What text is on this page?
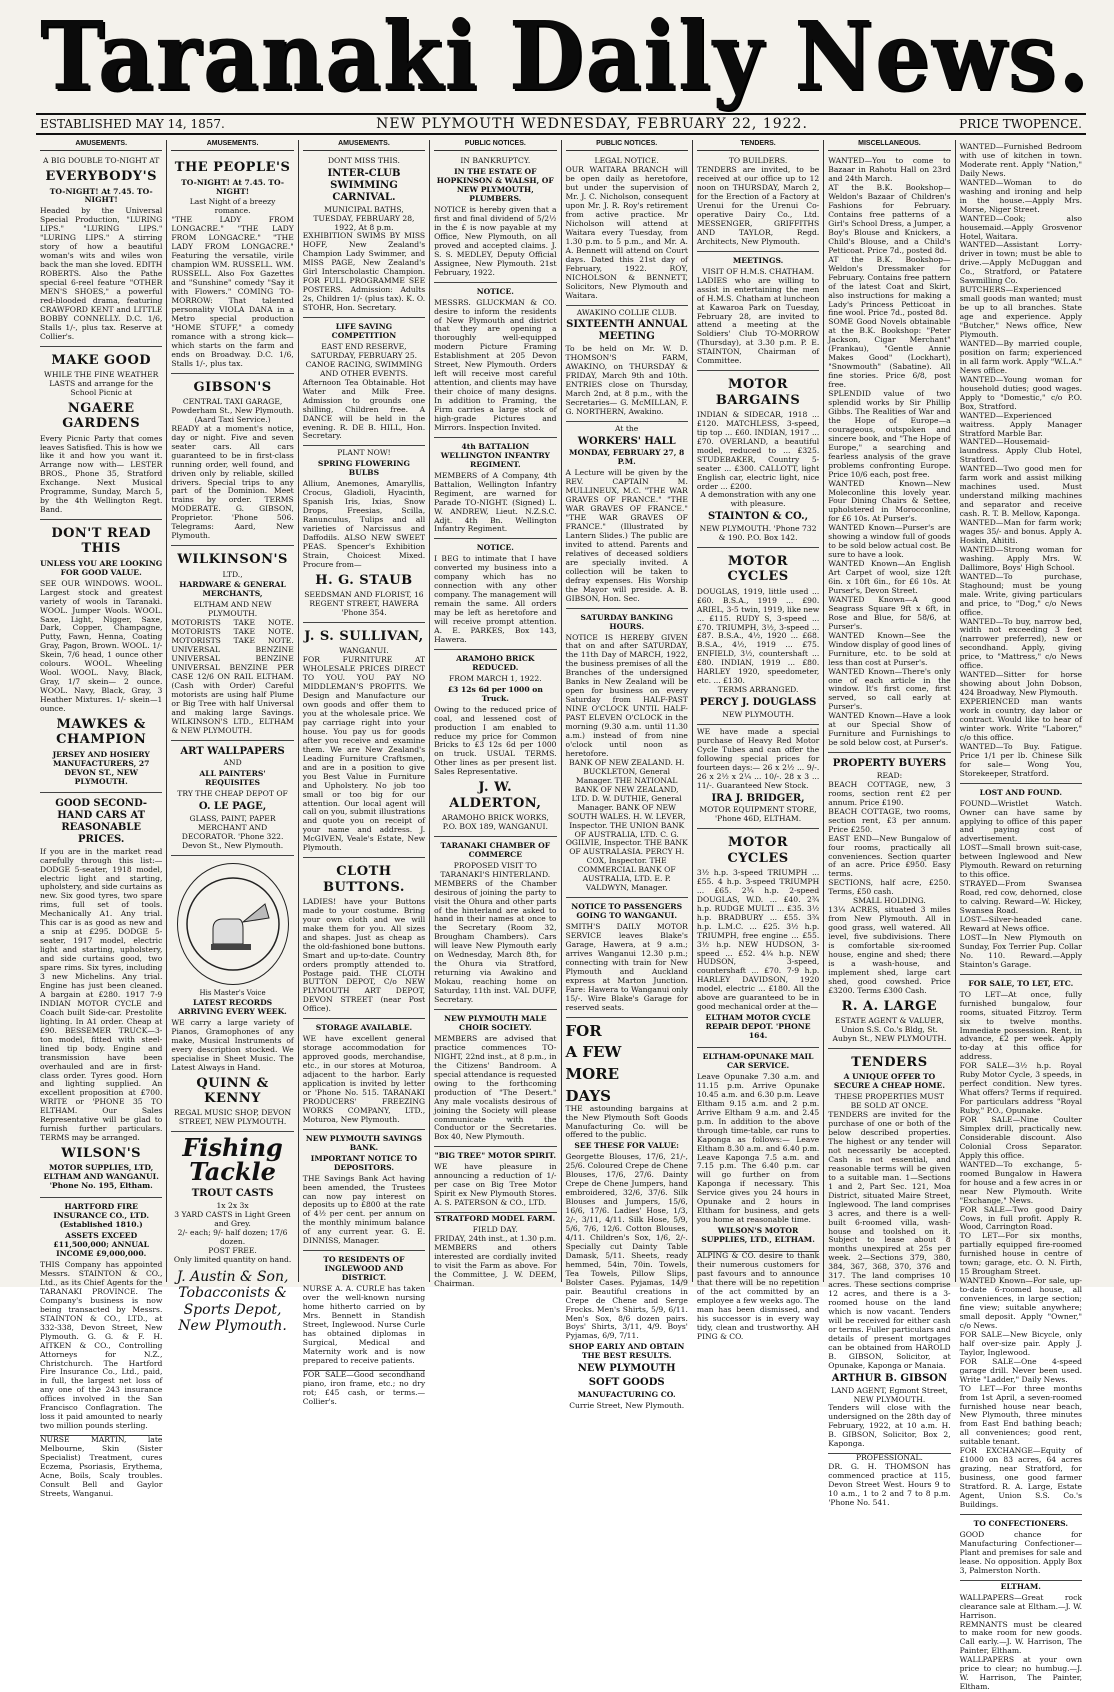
Taranaki Daily News.
ESTABLISHED MAY 14, 1857.	NEW PLYMOUTH WEDNESDAY, FEBRUARY 22, 1922.	PRICE TWOPENCE.
AMUSEMENTS.
A BIG DOUBLE TO-NIGHT AT
EVERYBODY'S
TO-NIGHT! At 7.45. TO-NIGHT!
Headed by the Universal Special Production, "LURING LIPS." "LURING LIPS." "LURING LIPS." A stirring story of how a beautiful woman's wits and wiles won back the man she loved. EDITH ROBERTS. Also the Pathe special 6-reel feature "OTHER MEN'S SHOES," a powerful red-blooded drama, featuring CRAWFORD KENT and LITTLE BOBBY CONNELLY. D.C. 1/6, Stalls 1/-, plus tax. Reserve at Collier's.
MAKE GOOD
WHILE THE FINE WEATHER LASTS and arrange for the School Picnic at
NGAERE GARDENS
Every Picnic Party that comes leaves Satisfied. This is how we like it and how you want it. Arrange now with— LESTER BROS., Phone 35, Stratford Exchange. Next Musical Programme, Sunday, March 5, by the 4th Wellington Regt. Band.
DON'T READ THIS
UNLESS YOU ARE LOOKING FOR GOOD VALUE.
SEE OUR WINDOWS. WOOL. Largest stock and greatest variety of wools in Taranaki. WOOL. Jumper Wools. WOOL. Saxe, Light, Nigger, Saxe, Dark, Copper, Champagne, Putty, Fawn, Henna, Coating Gray, Pagon, Brown. WOOL. 1/- Skein, 7/6 head, 1 ounce other colours. WOOL. Wheeling Wool. WOOL. Navy, Black, Gray, 1/7 skein— 2 ounce. WOOL. Navy, Black, Gray, 3 Heather Mixtures. 1/- skein—1 ounce.
MAWKES & CHAMPION
JERSEY AND HOSIERY MANUFACTURERS, 27 DEVON ST., NEW PLYMOUTH.
GOOD SECOND-HAND CARS AT REASONABLE PRICES.
If you are in the market read carefully through this list:— DODGE 5-seater, 1918 model, electric light and starting, upholstery, and side curtains as new. Six good tyres, two spare rims, full set of tools. Mechanically A1. Any trial. This car is as good as new and a snip at £295. DODGE 5-seater, 1917 model, electric light and starting, upholstery, and side curtains good, two spare rims. Six tyres, including 3 new Michelins. Any trial. Engine has just been cleaned. A bargain at £280. 1917 7-9 INDIAN MOTOR CYCLE and Coach built Side-car. Prestolite lighting. In A1 order. Cheap at £90. BESSEMER TRUCK—3-ton model, fitted with steel-lined tip body. Engine and transmission have been overhauled and are in first-class order. Tyres good. Horn and lighting supplied. An excellent proposition at £700. WRITE or 'PHONE 35 TO ELTHAM. Our Sales Representative will be glad to furnish further particulars. TERMS may be arranged.
WILSON'S
MOTOR SUPPLIES, LTD, ELTHAM AND WANGANUI. 'Phone No. 195, Eltham.
HARTFORD FIRE INSURANCE CO., LTD. (Established 1810.)
ASSETS EXCEED £11,500,000; ANNUAL INCOME £9,000,000.
THIS Company has appointed Messrs. STAINTON & CO., Ltd., as its Chief Agents for the TARANAKI PROVINCE. The Company's business is now being transacted by Messrs. STAINTON & CO., LTD., at 332-338, Devon Street, New Plymouth. G. G. & F. H. AITKEN & CO., Controlling Attorneys for N.Z., Christchurch. The Hartford Fire Insurance Co., Ltd., paid, in full, the largest net loss of any one of the 243 insurance offices involved in the San Francisco Conflagration. The loss it paid amounted to nearly two million pounds sterling.
NURSE MARTIN, late Melbourne, Skin (Sister Specialist) Treatment, cures Eczema, Psoriasis, Erythema, Acne, Boils, Scaly troubles. Consult Bell and Gaylor Streets, Wanganui.
AMUSEMENTS.
THE PEOPLE'S
TO-NIGHT! At 7.45. TO-NIGHT!
Last Night of a breezy romance.
"THE LADY FROM LONGACRE." "THE LADY FROM LONGACRE." "THE LADY FROM LONGACRE." Featuring the versatile, virile champion WM. RUSSELL. WM. RUSSELL. Also Fox Gazettes and "Sunshine" comedy "Say it with Flowers." COMING TO-MORROW: That talented personality VIOLA DANA in a Metro special production "HOME STUFF," a comedy romance with a strong kick— which starts on the farm and ends on Broadway. D.C. 1/6, Stalls 1/-, plus tax.
GIBSON'S
CENTRAL TAXI GARAGE, Powderham St., New Plymouth. (Aard Taxi Service.)
READY at a moment's notice, day or night. Five and seven seater cars. All cars guaranteed to be in first-class running order, well found, and driven only by reliable, skilled drivers. Special trips to any part of the Dominion. Meet trains by order. TERMS MODERATE. G. GIBSON, Proprietor. 'Phone 506. Telegrams: Aard, New Plymouth.
WILKINSON'S
LTD.,
HARDWARE & GENERAL MERCHANTS,
ELTHAM AND NEW PLYMOUTH.
MOTORISTS TAKE NOTE. MOTORISTS TAKE NOTE. MOTORISTS TAKE NOTE. UNIVERSAL BENZINE UNIVERSAL BENZINE UNIVERSAL BENZINE PER CASE 12/6 ON RAIL ELTHAM. (Cash with Order) Careful motorists are using half Plume or Big Tree with half Universal and making large Savings. WILKINSON'S LTD., ELTHAM & NEW PLYMOUTH.
ART WALLPAPERS
AND
ALL PAINTERS' REQUISITES
TRY THE CHEAP DEPOT OF
O. LE PAGE,
GLASS, PAINT, PAPER MERCHANT AND DECORATOR. 'Phone 322. Devon St., New Plymouth.
His Master's Voice
LATEST RECORDS ARRIVING EVERY WEEK.
WE carry a large variety of Pianos, Gramophones of any make, Musical Instruments of every description stocked. We specialise in Sheet Music. The Latest Always in Hand.
QUINN & KENNY
REGAL MUSIC SHOP, DEVON STREET, NEW PLYMOUTH.
Fishing Tackle
TROUT CASTS
1x 2x 3x
3 YARD CASTS in Light Green and Grey.
2/- each; 9/- half dozen; 17/6 dozen.
POST FREE.
Only limited quantity on hand.
J. Austin & Son, Tobacconists & Sports Depot, New Plymouth.
AMUSEMENTS.
DONT MISS THIS.
INTER-CLUB SWIMMING CARNIVAL.
MUNICIPAL BATHS,
TUESDAY, FEBRUARY 28, 1922, At 8 p.m.
EXHIBITION SWIMS BY MISS HOFF, New Zealand's Champion Lady Swimmer, and MISS PAGE, New Zealand's Girl Interscholastic Champion. FOR FULL PROGRAMME SEE POSTERS. Admission: Adults 2s, Children 1/- (plus tax). K. O. STOHR, Hon. Secretary.
LIFE SAVING COMPETITION
EAST END RESERVE,
SATURDAY, FEBRUARY 25.
CANOE RACING, SWIMMING AND OTHER EVENTS.
Afternoon Tea Obtainable. Hot Water and Milk Free. Admission to grounds one shilling, Children free. A DANCE will be held in the evening. R. DE B. HILL, Hon. Secretary.
PLANT NOW!
SPRING FLOWERING BULBS
Allium, Anemones, Amaryllis, Crocus, Gladioli, Hyacinth, Spanish Iris, Ixias, Snow Drops, Freesias, Scilla, Ranunculus, Tulips and all varieties of Narcissus and Daffodils. ALSO NEW SWEET PEAS. Spencer's Exhibition Strain, Choicest Mixed. Procure from—
H. G. STAUB
SEEDSMAN AND FLORIST, 16 REGENT STREET, HAWERA 'Phone 354.
J. S. SULLIVAN,
WANGANUI.
FOR FURNITURE AT WHOLESALE PRICES DIRECT TO YOU. YOU PAY NO MIDDLEMAN'S PROFITS. We Design and Manufacture our own goods and offer them to you at the wholesale price. We pay carriage right into your house. You pay us for goods after you receive and examine them. We are New Zealand's Leading Furniture Craftsmen, and are in a position to give you Best Value in Furniture and Upholstery. No job too small or too big for our attention. Our local agent will call on you, submit illustrations and quote you on receipt of your name and address. J. McGIVEN, Veale's Estate, New Plymouth.
CLOTH BUTTONS.
LADIES! have your Buttons made to your costume. Bring your own cloth and we will make them for you. All sizes and shapes. Just as cheap as the old-fashioned bone buttons. Smart and up-to-date. Country orders promptly attended to. Postage paid. THE CLOTH BUTTON DEPOT, C/o NEW PLYMOUTH ART DEPOT, DEVON STREET (near Post Office).
STORAGE AVAILABLE.
WE have excellent general storage accommodation for approved goods, merchandise, etc., in our stores at Moturoa, adjacent to the harbor. Early application is invited by letter or 'Phone No. 515. TARANAKI PRODUCERS' FREEZING WORKS COMPANY, LTD., Moturoa, New Plymouth.
NEW PLYMOUTH SAVINGS BANK.
IMPORTANT NOTICE TO DEPOSITORS.
THE Savings Bank Act having been amended, the Trustees can now pay interest on deposits up to £800 at the rate of 4½ per cent. per annum on the monthly minimum balance of any current year. G. E. DINNISS, Manager.
TO RESIDENTS OF INGLEWOOD AND DISTRICT.
NURSE A. A. CURLE has taken over the well-known nursing home hitherto carried on by Mrs. Bennett in Standish Street, Inglewood. Nurse Curle has obtained diplomas in Surgical, Medical and Maternity work and is now prepared to receive patients.
FOR SALE—Good secondhand piano, iron frame, etc.; no dry rot; £45 cash, or terms.—Collier's.
PUBLIC NOTICES.
IN BANKRUPTCY.
IN THE ESTATE OF HOPKINSON & WALSH, OF NEW PLYMOUTH, PLUMBERS.
NOTICE is hereby given that a first and final dividend of 5/2½ in the £ is now payable at my Office, New Plymouth, on all proved and accepted claims. J. S. S. MEDLEY, Deputy Official Assignee, New Plymouth. 21st February, 1922.
NOTICE.
MESSRS. GLUCKMAN & CO. desire to inform the residents of New Plymouth and district that they are opening a thoroughly well-equipped modern Picture Framing Establishment at 205 Devon Street, New Plymouth. Orders left will receive most careful attention, and clients may have their choice of many designs. In addition to Framing, the Firm carries a large stock of high-grade Pictures and Mirrors. Inspection Invited.
4th BATTALION WELLINGTON INFANTRY REGIMENT.
MEMBERS of A Company, 4th Battalion, Wellington Infantry Regiment, are warned for Parade TO-NIGHT. (Signed) L. W. ANDREW, Lieut. N.Z.S.C. Adjt. 4th Bn. Wellington Infantry Regiment.
NOTICE.
I BEG to intimate that I have converted my business into a company which has no connection with any other company. The management will remain the same. All orders may be left as heretofore and will receive prompt attention. A. E. PARKES, Box 143, Hawera.
ARAMOHO BRICK REDUCED.
FROM MARCH 1, 1922.
£3 12s 6d per 1000 on Truck.
Owing to the reduced price of coal, and lessened cost of production I am enabled to reduce my price for Common Bricks to £3 12s 6d per 1000 on truck. USUAL TERMS. Other lines as per present list. Sales Representative.
J. W. ALDERTON,
ARAMOHO BRICK WORKS, P.O. BOX 189, WANGANUI.
TARANAKI CHAMBER OF COMMERCE
PROPOSED VISIT TO TARANAKI'S HINTERLAND.
MEMBERS of the Chamber desirous of joining the party to visit the Ohura and other parts of the hinterland are asked to hand in their names at once to the Secretary (Room 32, Brougham Chambers). Cars will leave New Plymouth early on Wednesday, March 8th, for the Ohura via Stratford, returning via Awakino and Mokau, reaching home on Saturday, 11th inst. VAL DUFF, Secretary.
NEW PLYMOUTH MALE CHOIR SOCIETY.
MEMBERS are advised that practice commences TO-NIGHT, 22nd inst., at 8 p.m., in the Citizens' Bandroom. A special attendance is requested owing to the forthcoming production of "The Desert." Any male vocalists desirous of joining the Society will please communicate with the Conductor or the Secretaries. Box 40, New Plymouth.
"BIG TREE" MOTOR SPIRIT.
WE have pleasure in announcing a reduction of 1/- per case on Big Tree Motor Spirit ex New Plymouth Stores. A. S. PATERSON & CO., LTD.
STRATFORD MODEL FARM.
FIELD DAY.
FRIDAY, 24th inst., at 1.30 p.m.
MEMBERS and others interested are cordially invited to visit the Farm as above. For the Committee, J. W. DEEM, Chairman.
PUBLIC NOTICES.
LEGAL NOTICE.
OUR WAITARA BRANCH will be open daily as heretofore, but under the supervision of Mr. J. C. Nicholson, consequent upon Mr. J. R. Roy's retirement from active practice. Mr Nicholson will attend at Waitara every Tuesday, from 1.30 p.m. to 5 p.m., and Mr. A. A. Bennett will attend on Court days. Dated this 21st day of February, 1922. ROY, NICHOLSON & BENNETT, Solicitors, New Plymouth and Waitara.
AWAKINO COLLIE CLUB.
SIXTEENTH ANNUAL MEETING
To be held on Mr. W. D. THOMSON'S FARM, AWAKINO, on THURSDAY & FRIDAY, March 9th and 10th. ENTRIES close on Thursday, March 2nd, at 8 p.m., with the Secretaries— G. McMILLAN, F. G. NORTHERN, Awakino.
At the
WORKERS' HALL
MONDAY, FEBRUARY 27, 8 P.M.
A Lecture will be given by the REV. CAPTAIN M. MULLINEUX, M.C. "THE WAR GRAVES OF FRANCE." "THE WAR GRAVES OF FRANCE." "THE WAR GRAVES OF FRANCE." (Illustrated by Lantern Slides.) The public are invited to attend. Parents and relatives of deceased soldiers are specially invited. A collection will be taken to defray expenses. His Worship the Mayor will preside. A. B. GIBSON, Hon. Sec.
SATURDAY BANKING HOURS.
NOTICE IS HEREBY GIVEN that on and after SATURDAY, the 11th Day of MARCH, 1922, the business premises of all the Branches of the undersigned Banks in New Zealand will be open for business on every Saturday from HALF-PAST NINE O'CLOCK UNTIL HALF-PAST ELEVEN O'CLOCK in the morning (9.30 a.m. until 11.30 a.m.) instead of from nine o'clock until noon as heretofore.
BANK OF NEW ZEALAND. H. BUCKLETON, General Manager. THE NATIONAL BANK OF NEW ZEALAND, LTD. D. W. DUTHIE, General Manager. BANK OF NEW SOUTH WALES. H. W. LEVER, Inspector. THE UNION BANK OF AUSTRALIA, LTD. C. G. OGILVIE, Inspector. THE BANK OF AUSTRALASIA. PERCY H. COX, Inspector. THE COMMERCIAL BANK OF AUSTRALIA, LTD. E. P. VALDWYN, Manager.
NOTICE TO PASSENGERS GOING TO WANGANUI.
SMITH'S DAILY MOTOR SERVICE leaves Blake's Garage, Hawera, at 9 a.m.; arrives Wanganui 12.30 p.m.; connecting with train for New Plymouth and Auckland express at Marton Junction. Fare: Hawera to Wanganui only 15/-. Wire Blake's Garage for reserved seats.
FOR
A FEW
MORE
DAYS
THE astounding bargains at the New Plymouth Soft Goods Manufacturing Co. will be offered to the public.
SEE THESE FOR VALUE:
Georgette Blouses, 17/6, 21/-, 25/6. Coloured Crepe de Chene Blouses, 17/6, 27/6. Dainty Crepe de Chene Jumpers, hand embroidered, 32/6, 37/6. Silk Blouses and Jumpers, 15/6, 16/6, 17/6. Ladies' Hose, 1/3, 2/-, 3/11, 4/11. Silk Hose, 5/9, 5/6, 7/6, 12/6. Cotton Blouses, 4/11. Children's Sox, 1/6, 2/-. Specially cut Dainty Table Damask, 5/11. Sheets, ready hemmed, 54in, 70in. Towels, Tea Towels, Pillow Slips, Bolster Cases. Pyjamas, 14/9 pair. Beautiful creations in Crepe de Chene and Serge Frocks. Men's Shirts, 5/9, 6/11. Men's Sox, 8/6 dozen pairs. Boys' Shirts, 3/11, 4/9. Boys' Pyjamas, 6/9, 7/11.
SHOP EARLY AND OBTAIN THE BEST RESULTS.
NEW PLYMOUTH
SOFT GOODS
MANUFACTURING CO.
Currie Street, New Plymouth.
TENDERS.
TO BUILDERS.
TENDERS are invited, to be received at our office up to 12 noon on THURSDAY, March 2, for the Erection of a Factory at Urenui for the Urenui Co-operative Dairy Co., Ltd. MESSENGER, GRIFFITHS AND TAYLOR, Regd. Architects, New Plymouth.
MEETINGS.
VISIT OF H.M.S. CHATHAM.
LADIES who are willing to assist in entertaining the men of H.M.S. Chatham at luncheon at Kawaroa Park on Tuesday, February 28, are invited to attend a meeting at the Soldiers' Club TO-MORROW (Thursday), at 3.30 p.m. P. E. STAINTON, Chairman of Committee.
MOTOR BARGAINS
INDIAN & SIDECAR, 1918 ... £120. MATCHLESS, 3-speed, tip top ... £60. INDIAN, 1917 ... £70. OVERLAND, a beautiful model, reduced to ... £325. STUDEBAKER, Country 5-seater ... £300. CALLOTT, light English car, electric light, nice order ... £200.
A demonstration with any one with pleasure.
STAINTON & CO.,
NEW PLYMOUTH. 'Phone 732 & 190. P.O. Box 142.
MOTOR CYCLES
DOUGLAS, 1919, little used ... £60. B.S.A., 1919 ... £90. ARIEL, 3-5 twin, 1919, like new ... £115. RUDY S, 3-speed ... £70. TRIUMPH, 3½, 3-speed ... £87. B.S.A., 4½, 1920 ... £68. B.S.A., 4½, 1919 ... £75. ENFIELD, 3½, countershaft ... £80. INDIAN, 1919 ... £80. HARLEY 1920, speedometer, etc. ... £130.
TERMS ARRANGED.
PERCY J. DOUGLASS
NEW PLYMOUTH.
WE have made a special purchase of Heavy Red Motor Cycle Tubes and can offer the following special prices for fourteen days:— 26 x 2½ ... 9/-. 26 x 2½ x 2¼ ... 10/-. 28 x 3 ... 11/-. Guaranteed New Stock.
IRA J. BRIDGER,
MOTOR EQUIPMENT STORE, 'Phone 46D, ELTHAM.
MOTOR CYCLES
3½ h.p. 3-speed TRIUMPH ... £55. 4 h.p. 3-speed TRIUMPH ... £65. 2¾ h.p. 2-speed DOUGLAS, W.D. ... £40. 2¾ h.p. RUDGE MULTI ... £35. 3½ h.p. BRADBURY ... £55. 3¾ h.p. L.M.C. ... £25. 3½ h.p. TRIUMPH, free engine ... £55. 3½ h.p. NEW HUDSON, 3-speed ... £52. 4¼ h.p. NEW HUDSON, 3-speed, countershaft ... £70. 7-9 h.p. HARLEY DAVIDSON, 1920 model, electric ... £180. All the above are guaranteed to be in good mechanical order at the—
ELTHAM MOTOR CYCLE REPAIR DEPOT. 'PHONE 164.
ELTHAM-OPUNAKE MAIL CAR SERVICE.
Leave Opunake 7.30 a.m. and 11.15 p.m. Arrive Opunake 10.45 a.m. and 6.30 p.m. Leave Eltham 9.15 a.m. and 2 p.m. Arrive Eltham 9 a.m. and 2.45 p.m. In addition to the above through time-table, car runs to Kaponga as follows:— Leave Eltham 8.30 a.m. and 6.40 p.m. Leave Kaponga 7.5 a.m. and 7.15 p.m. The 6.40 p.m. car will go further on from Kaponga if necessary. This Service gives you 24 hours in Opunake and 2 hours in Eltham for business, and gets you home at reasonable time.
WILSON'S MOTOR SUPPLIES, LTD., ELTHAM.
ALPING & CO. desire to thank their numerous customers for past favours and to announce that there will be no repetition of the act committed by an employee a few weeks ago. The man has been dismissed, and his successor is in every way tidy, clean and trustworthy. AH PING & CO.
MISCELLANEOUS.
WANTED—You to come to Bazaar in Rahotu Hall on 23rd and 24th March.
AT the B.K. Bookshop—Weldon's Bazaar of Children's Fashions for February. Contains free patterns of a Girl's School Dress, a Jumper, a Boy's Blouse and Knickers, a Child's Blouse, and a Child's Petticoat. Price 7d., posted 8d.
AT the B.K. Bookshop—Weldon's Dressmaker for February. Contains free pattern of the latest Coat and Skirt, also instructions for making a Lady's Princess Petticoat in fine wool. Price 7d., posted 8d.
SOME Good Novels obtainable at the B.K. Bookshop: "Peter Jackson, Cigar Merchant" (Frankau), "Gentle Annie Makes Good" (Lockhart), "Snowmouth" (Sabatine). All fine stories. Price 6/8, post free.
SPLENDID value of two splendid works by Sir Phillip Gibbs. The Realities of War and the Hope of Europe—a courageous, outspoken and sincere book, and "The Hope of Europe," a searching and fearless analysis of the grave problems confronting Europe. Price 10/6 each, post free.
WANTED Known—New Moleconline this lovely year. Four Dining Chairs & Settee, upholstered in Morocconline, for £6 10s. At Purser's.
WANTED Known—Purser's are showing a window full of goods to be sold below actual cost. Be sure to have a look.
WANTED Known—An English Art Carpet of wool, size 12ft 6in. x 10ft 6in., for £6 10s. At Purser's, Devon Street.
WANTED Known—A good Seagrass Square 9ft x 6ft, in Rose and Blue, for 58/6, at Purser's.
WANTED Known—See the Window display of good lines of Furniture, etc. to be sold at less than cost at Purser's.
WANTED Known—There's only one of each article in the window. It's first come, first served, so call early at Purser's.
WANTED Known—Have a look at our Special Show of Furniture and Furnishings to be sold below cost, at Purser's.
PROPERTY BUYERS
READ:
BEACH COTTAGE, new, 3 rooms, section rent £2 per annum. Price £190.
BEACH COTTAGE, two rooms, section rent, £3 per annum. Price £250.
EAST END—New Bungalow of four rooms, practically all conveniences. Section quarter of an acre. Price £950. Easy terms.
SECTIONS, half acre, £250. Terms, £50 cash.
SMALL HOLDING.
13¼ ACRES, situated 3 miles from New Plymouth. All in good grass, well watered. All level, five subdivisions. There is comfortable six-roomed house, engine and shed; there is a wash-house, and implement shed, large cart shed, good cowshed. Price £3200. Terms £300 Cash.
R. A. LARGE
ESTATE AGENT & VALUER,
Union S.S. Co.'s Bldg, St. Aubyn St., NEW PLYMOUTH.
TENDERS
A UNIQUE OFFER TO SECURE A CHEAP HOME.
THESE PROPERTIES MUST BE SOLD AT ONCE.
TENDERS are invited for the purchase of one or both of the below described properties. The highest or any tender will not necessarily be accepted. Cash is not essential, and reasonable terms will be given to a suitable man. 1—Sections 1 and 2, Part Sec. 121, Moa District, situated Maire Street, Inglewood. The land comprises 3 acres, and there is a well-built 6-roomed villa, wash-house and toolshed on it. Subject to lease about 8 months unexpired at 25s per week. 2—Sections 379, 380, 384, 367, 368, 370, 376 and 317. The land comprises 10 acres. These sections comprise 12 acres, and there is a 3-roomed house on the land which is now vacant. Tenders will be received for either cash or terms. Fuller particulars and details of present mortgages can be obtained from HAROLD B. GIBSON, Solicitor, at Opunake, Kaponga or Manaia.
ARTHUR B. GIBSON
LAND AGENT, Egmont Street, NEW PLYMOUTH.
Tenders will close with the undersigned on the 28th day of February, 1922, at 10 a.m. H. B. GIBSON, Solicitor, Box 2, Kaponga.
PROFESSIONAL.
DR. G. H. THOMSON has commenced practice at 115, Devon Street West. Hours 9 to 10 a.m., 1 to 2 and 7 to 8 p.m. 'Phone No. 541.
WANTED—Furnished Bedroom with use of kitchen in town. Moderate rent. Apply "Nation," Daily News.
WANTED—Woman to do washing and ironing and help in the house.—Apply Mrs. Morse, Niger Street.
WANTED—Cook; also housemaid.—Apply Grosvenor Hotel, Waitara.
WANTED—Assistant Lorry-driver in town; must be able to drive.—Apply McDuggan and Co., Stratford, or Patatere Sawmilling Co.
BUTCHERS—Experienced small goods man wanted; must be up to all branches. State age and experience. Apply "Butcher," News office, New Plymouth.
WANTED—By married couple, position on farm; experienced in all farm work. Apply "W.L.A." News office.
WANTED—Young woman for household duties; good wages. Apply to "Domestic," c/o P.O. Box, Stratford.
WANTED—Experienced waitress. Apply Manager Stratford Marble Bar.
WANTED—Housemaid-laundress. Apply Club Hotel, Stratford.
WANTED—Two good men for farm work and assist milking machines used. Must understand milking machines and separator and receive cash. R. T. B. Mellow, Kaponga.
WANTED—Man for farm work; wages 35/- and bonus. Apply A. Hoskin, Ahititi.
WANTED—Strong woman for washing. Apply Mrs. W. Dallimore, Boys' High School.
WANTED—To purchase, Staghound; must be young male. Write, giving particulars and price, to "Dog," c/o News office.
WANTED—To buy, narrow bed, width not exceeding 3 feet (narrower preferred), new or secondhand. Apply, giving price, to "Mattress," c/o News office.
WANTED—Sitter for horse showing about John Dobson, 424 Broadway, New Plymouth.
EXPERIENCED man wants work in country, day labor or contract. Would like to hear of winter work. Write "Laborer," c/o this office.
WANTED—To Buy. Fatigue. Price 1/1 per lb. Chinese Silk for sale— Wong You, Storekeeper, Stratford.
LOST AND FOUND.
FOUND—Wristlet Watch. Owner can have same by applying to office of this paper and paying cost of advertisement.
LOST—Small brown suit-case, between Inglewood and New Plymouth. Reward on returning to this office.
STRAYED—From Swansea Road, red cow, dehorned, close to calving. Reward—W. Hickey, Swansea Road.
LOST—Silver-headed cane. Reward at News office.
LOST—In New Plymouth on Sunday, Fox Terrier Pup. Collar No. 110. Reward.—Apply Stainton's Garage.
FOR SALE, TO LET, ETC.
TO LET—At once, fully furnished bungalow, four rooms, situated Fitzroy. Term six to twelve months. Immediate possession. Rent, in advance, £2 per week. Apply to-day at this office for address.
FOR SALE—3½ h.p. Royal Ruby Motor Cycle, 3 speeds, in perfect condition. New tyres. What offers? Terms if required. For particulars address "Royal Ruby," P.O., Opunake.
FOR SALE—Nine Coulter Simplex drill, practically new. Considerable discount. Also Colonial Cross Separator. Apply this office.
WANTED—To exchange, 5-roomed Bungalow in Hawera for house and a few acres in or near New Plymouth. Write "Exchange," News.
FOR SALE—Two good Dairy Cows, in full profit. Apply R. Wood, Carrington Road.
TO LET—For six months, partially equipped fire-roomed furnished house in centre of town; garage, etc. O. N. Firth, 15 Brougham Street.
WANTED Known—For sale, up-to-date 6-roomed house, all conveniences, in large section; fine view; suitable anywhere; small deposit. Apply "Owner," c/o News.
FOR SALE—New Bicycle, only half over-size pair. Apply J. Taylor, Inglewood.
FOR SALE—One 4-speed garage drill. Never been used. Write "Ladder," Daily News.
TO LET—For three months from 1st April, a seven-roomed furnished house near beach, New Plymouth, three minutes from East End bathing beach; all conveniences; good rent, suitable tenant.
FOR EXCHANGE—Equity of £1000 on 83 acres, 64 acres grazing, near Stratford, for business, one good farmer Stratford. R. A. Large, Estate Agent, Union S.S. Co.'s Buildings.
TO CONFECTIONERS.
GOOD chance for Manufacturing Confectioner—Plant and premises for sale and lease. No opposition. Apply Box 3, Palmerston North.
ELTHAM.
WALLPAPERS—Great rock clearance sale at Eltham.—J. W. Harrison.
REMNANTS must be cleared to make room for new goods. Call early.—J. W. Harrison, The Painter, Eltham.
WALLPAPERS at your own price to clear; no humbug.—J. W. Harrison, The Painter, Eltham.
